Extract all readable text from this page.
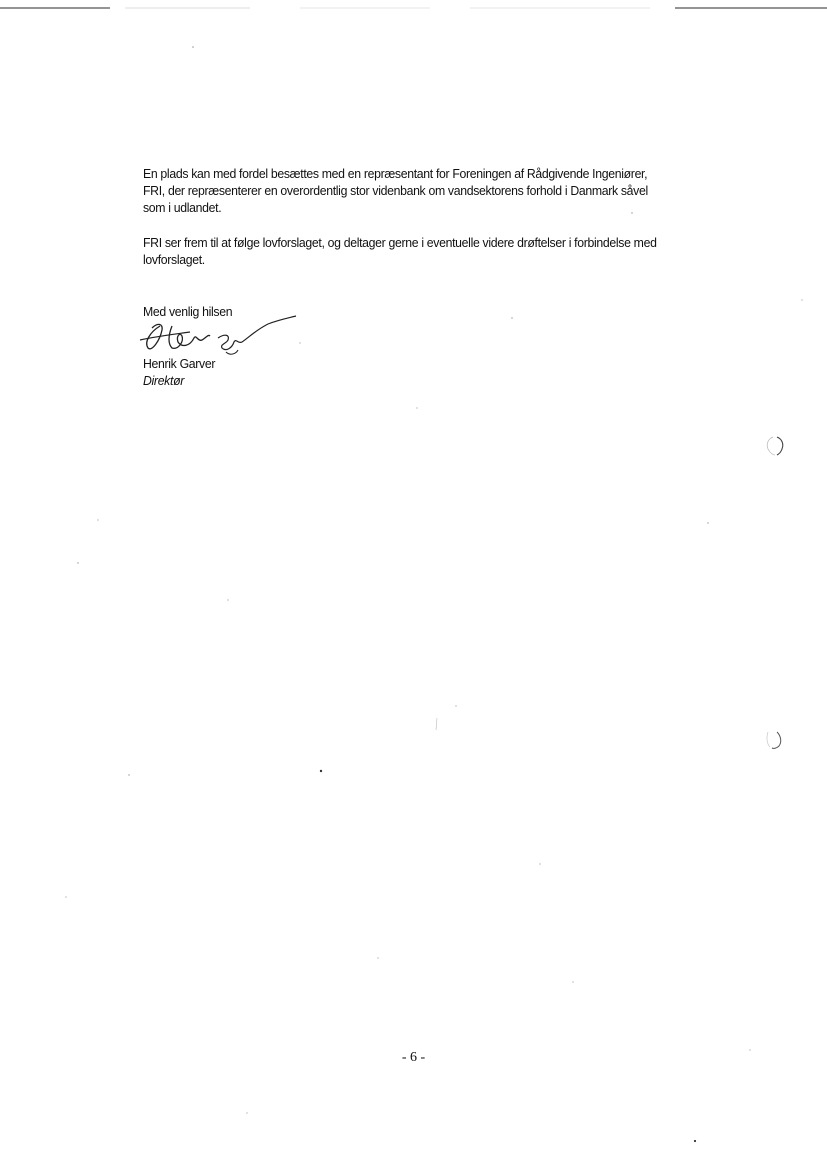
En plads kan med fordel besættes med en repræsentant for Foreningen af Rådgivende Ingeniører, FRI, der repræsenterer en overordentlig stor videnbank om vandsektorens forhold i Danmark såvel som i udlandet.

FRI ser frem til at følge lovforslaget, og deltager gerne i eventuelle videre drøftelser i forbindelse med lovforslaget.

Med venlig hilsen

Henrik Garver

Direktør

- 6 -
